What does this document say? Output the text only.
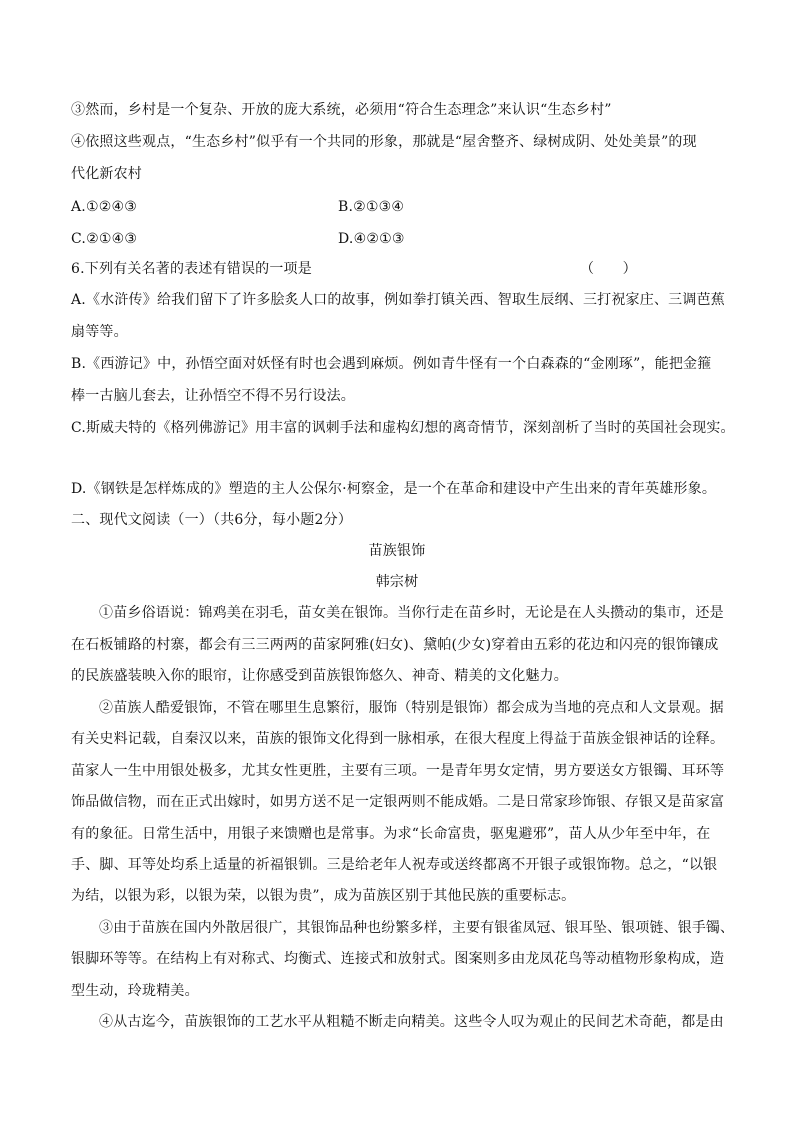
③然而，乡村是一个复杂、开放的庞大系统，必须用“符合生态理念”来认识“生态乡村”
④依照这些观点，“生态乡村”似乎有一个共同的形象，那就是“屋舍整齐、绿树成阴、处处美景”的现
代化新农村
A.①②④③	B.②①③④
C.②①④③	D.④②①③
6.下列有关名著的表述有错误的一项是	（　　）
A.《水浒传》给我们留下了许多脍炙人口的故事，例如拳打镇关西、智取生辰纲、三打祝家庄、三调芭蕉
扇等等。
B.《西游记》中，孙悟空面对妖怪有时也会遇到麻烦。例如青牛怪有一个白森森的“金刚琢”，能把金箍
棒一古脑儿套去，让孙悟空不得不另行设法。
C.斯威夫特的《格列佛游记》用丰富的讽刺手法和虚构幻想的离奇情节，深刻剖析了当时的英国社会现实。
D.《钢铁是怎样炼成的》塑造的主人公保尔·柯察金，是一个在革命和建设中产生出来的青年英雄形象。
二、现代文阅读（一）（共6分，每小题2分）
苗族银饰
韩宗树
①苗乡俗语说：锦鸡美在羽毛，苗女美在银饰。当你行走在苗乡时，无论是在人头攒动的集市，还是
在石板铺路的村寨，都会有三三两两的苗家阿雅(妇女)、黛帕(少女)穿着由五彩的花边和闪亮的银饰镶成
的民族盛装映入你的眼帘，让你感受到苗族银饰悠久、神奇、精美的文化魅力。
②苗族人酷爱银饰，不管在哪里生息繁衍，服饰（特别是银饰）都会成为当地的亮点和人文景观。据
有关史料记载，自秦汉以来，苗族的银饰文化得到一脉相承，在很大程度上得益于苗族金银神话的诠释。
苗家人一生中用银处极多，尤其女性更胜，主要有三项。一是青年男女定情，男方要送女方银镯、耳环等
饰品做信物，而在正式出嫁时，如男方送不足一定银两则不能成婚。二是日常家珍饰银、存银又是苗家富
有的象征。日常生活中，用银子来馈赠也是常事。为求“长命富贵，驱鬼避邪”，苗人从少年至中年，在
手、脚、耳等处均系上适量的祈福银钏。三是给老年人祝寿或送终都离不开银子或银饰物。总之，“以银
为结，以银为彩，以银为荣，以银为贵”，成为苗族区别于其他民族的重要标志。
③由于苗族在国内外散居很广，其银饰品种也纷繁多样，主要有银雀凤冠、银耳坠、银项链、银手镯、
银脚环等等。在结构上有对称式、均衡式、连接式和放射式。图案则多由龙凤花鸟等动植物形象构成，造
型生动，玲珑精美。
④从古迄今，苗族银饰的工艺水平从粗糙不断走向精美。这些令人叹为观止的民间艺术奇葩，都是由
